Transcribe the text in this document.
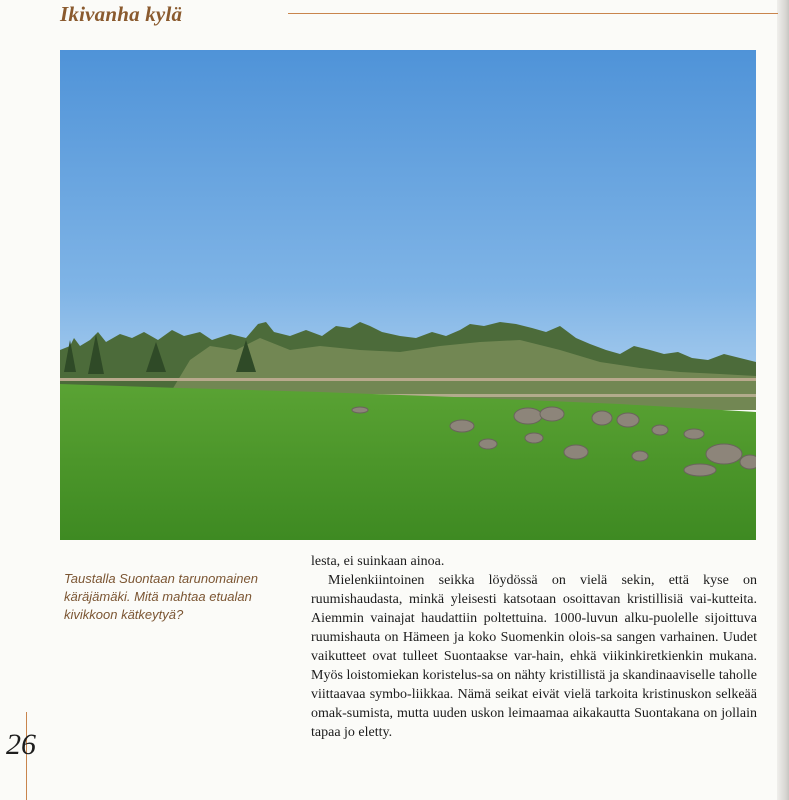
Ikivanha kylä
Taustalla Suontaan tarunomainen
käräjämäki. Mitä mahtaa etualan
kivikkoon kätkeytyä?

lesta, ei suinkaan ainoa.

Mielenkiintoinen seikka löydössä on vielä sekin, että kyse on ruumishaudasta, minkä yleisesti katsotaan osoittavan kristillisiä vai-kutteita. Aiemmin vainajat haudattiin poltettuina. 1000-luvun alku-puolelle sijoittuva ruumishauta on Hämeen ja koko Suomenkin olois-sa sangen varhainen. Uudet vaikutteet ovat tulleet Suontaakse var-hain, ehkä viikinkiretkienkin mukana. Myös loistomiekan koristelus-sa on nähty kristillistä ja skandinaaviselle taholle viittaavaa symbo-liikkaa. Nämä seikat eivät vielä tarkoita kristinuskon selkeää omak-sumista, mutta uuden uskon leimaamaa aikakautta Suontakana on jollain tapaa jo eletty.

26
